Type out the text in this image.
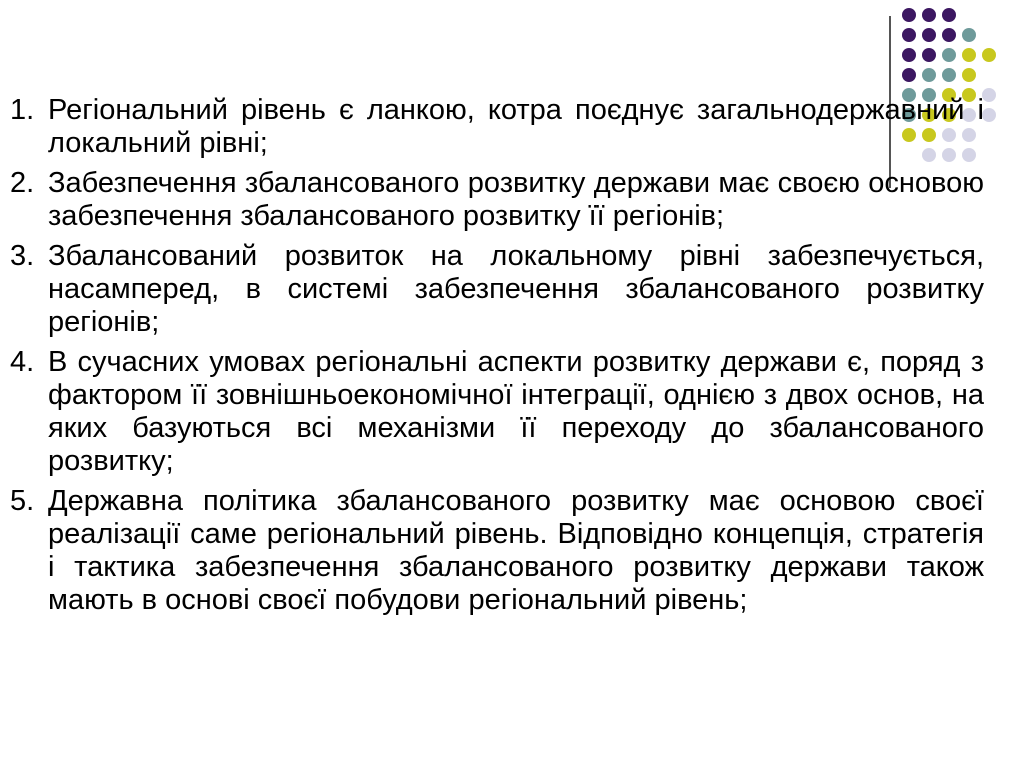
1. Регіональний рівень є ланкою, котра поєднує загальнодержавний і локальний рівні;
2. Забезпечення збалансованого розвитку держави має своєю основою забезпечення збалансованого розвитку її регіонів;
3. Збалансований розвиток на локальному рівні забезпечується, насамперед, в системі забезпечення збалансованого розвитку регіонів;
4. В сучасних умовах регіональні аспекти розвитку держави є, поряд з фактором її зовнішньоекономічної інтеграції, однією з двох основ, на яких базуються всі механізми її переходу до збалансованого розвитку;
5. Державна політика збалансованого розвитку має основою своєї реалізації саме регіональний рівень. Відповідно концепція, стратегія і тактика забезпечення збалансованого розвитку держави також мають в основі своєї побудови регіональний рівень;
